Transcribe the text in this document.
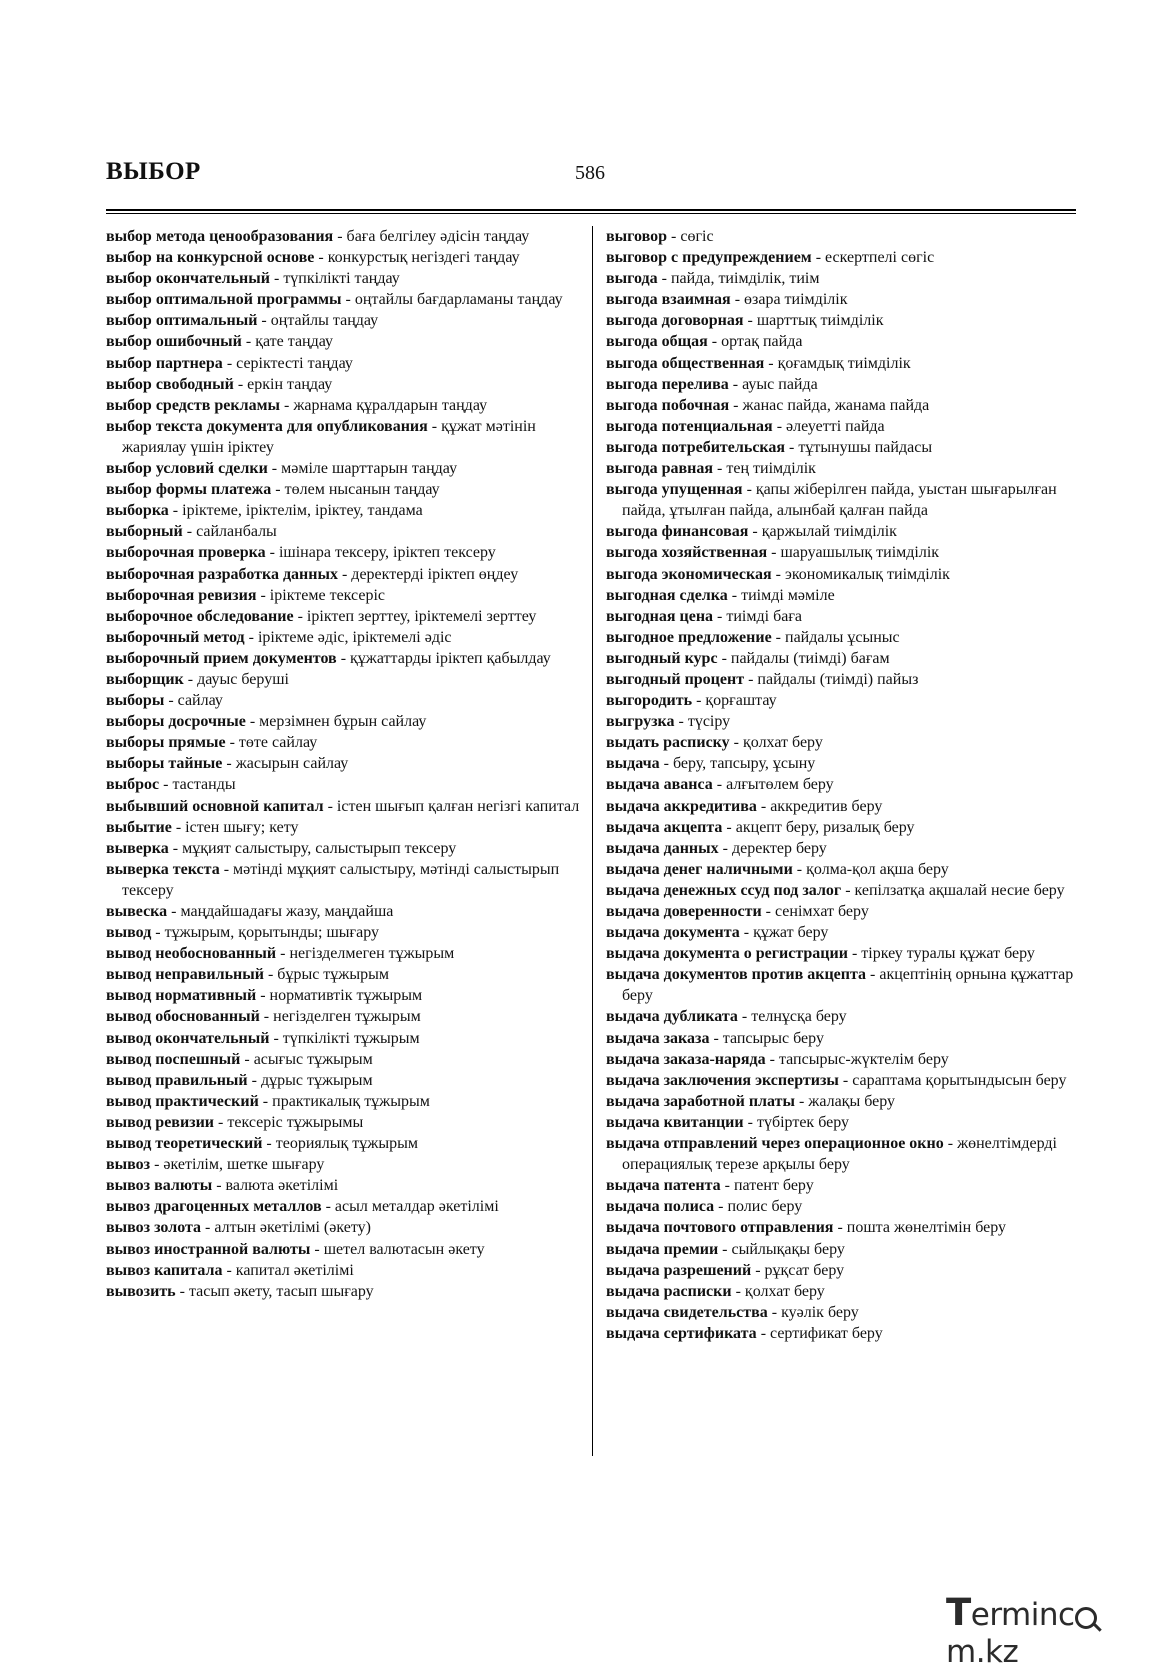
ВЫБОР	586

выбор метода ценообразования - баға белгілеу әдісін таңдау

выбор на конкурсной основе - конкурстық негіздегі таңдау

выбор окончательный - түпкілікті таңдау

выбор оптимальной программы - оңтайлы бағдарламаны таңдау

выбор оптимальный - оңтайлы таңдау

выбор ошибочный - қате таңдау

выбор партнера - серіктесті таңдау

выбор свободный - еркін таңдау

выбор средств рекламы - жарнама құралдарын таңдау

выбор текста документа для опубликования - құжат мәтінін жариялау үшін іріктеу

выбор условий сделки - мәміле шарттарын таңдау

выбор формы платежа - төлем нысанын таңдау

выборка - іріктеме, іріктелім, іріктеу, тандама

выборный - сайланбалы

выборочная проверка - ішінара тексеру, іріктеп тексеру

выборочная разработка данных - деректерді іріктеп өңдеу

выборочная ревизия - іріктеме тексеріс

выборочное обследование - іріктеп зерттеу, іріктемелі зерттеу

выборочный метод - іріктеме әдіс, іріктемелі әдіс

выборочный прием документов - құжаттарды іріктеп қабылдау

выборщик - дауыс беруші

выборы - сайлау

выборы досрочные - мерзімнен бұрын сайлау

выборы прямые - төте сайлау

выборы тайные - жасырын сайлау

выброс - тастанды

выбывший основной капитал - істен шығып қалған негізгі капитал

выбытие - істен шығу; кету

выверка - мұқият салыстыру, салыстырып тексеру

выверка текста - мәтінді мұқият салыстыру, мәтінді салыстырып тексеру

вывеска - маңдайшадағы жазу, маңдайша

вывод - тұжырым, қорытынды; шығару

вывод необоснованный - негізделмеген тұжырым

вывод неправильный - бұрыс тұжырым

вывод нормативный - нормативтік тұжырым

вывод обоснованный - негізделген тұжырым

вывод окончательный - түпкілікті тұжырым

вывод поспешный - асығыс тұжырым

вывод правильный - дұрыс тұжырым

вывод практический - практикалық тұжырым

вывод ревизии - тексеріс тұжырымы

вывод теоретический - теориялық тұжырым

вывоз - әкетілім, шетке шығару

вывоз валюты - валюта әкетілімі

вывоз драгоценных металлов - асыл металдар әкетілімі

вывоз золота - алтын әкетілімі (әкету)

вывоз иностранной валюты - шетел валютасын әкету

вывоз капитала - капитал әкетілімі

вывозить - тасып әкету, тасып шығару

выговор - сөгіс

выговор с предупреждением - ескертпелі сөгіс

выгода - пайда, тиімділік, тиім

выгода взаимная - өзара тиімділік

выгода договорная - шарттық тиімділік

выгода общая - ортақ пайда

выгода общественная - қоғамдық тиімділік

выгода перелива - ауыс пайда

выгода побочная - жанас пайда, жанама пайда

выгода потенциальная - әлеуетті пайда

выгода потребительская - тұтынушы пайдасы

выгода равная - тең тиімділік

выгода упущенная - қапы жіберілген пайда, уыстан шығарылған пайда, ұтылған пайда, алынбай қалған пайда

выгода финансовая - қаржылай тиімділік

выгода хозяйственная - шаруашылық тиімділік

выгода экономическая - экономикалық тиімділік

выгодная сделка - тиімді мәміле

выгодная цена - тиімді баға

выгодное предложение - пайдалы ұсыныс

выгодный курс - пайдалы (тиімді) бағам

выгодный процент - пайдалы (тиімді) пайыз

выгородить - қорғаштау

выгрузка - түсіру

выдать расписку - қолхат беру

выдача - беру, тапсыру, ұсыну

выдача аванса - алғытөлем беру

выдача аккредитива - аккредитив беру

выдача акцепта - акцепт беру, ризалық беру

выдача данных - деректер беру

выдача денег наличными - қолма-қол ақша беру

выдача денежных ссуд под залог - кепілзатқа ақшалай несие беру

выдача доверенности - сенімхат беру

выдача документа - құжат беру

выдача документа о регистрации - тіркеу туралы құжат беру

выдача документов против акцепта - акцептінің орнына құжаттар беру

выдача дубликата - телнұсқа беру

выдача заказа - тапсырыс беру

выдача заказа-наряда - тапсырыс-жүктелім беру

выдача заключения экспертизы - сараптама қорытындысын беру

выдача заработной платы - жалақы беру

выдача квитанции - түбіртек беру

выдача отправлений через операционное окно - жөнелтімдерді операциялық терезе арқылы беру

выдача патента - патент беру

выдача полиса - полис беру

выдача почтового отправления - пошта жөнелтімін беру

выдача премии - сыйлықақы беру

выдача разрешений - рұқсат беру

выдача расписки - қолхат беру

выдача свидетельства - куәлік беру

выдача сертификата - сертификат беру

Termincm.kz
